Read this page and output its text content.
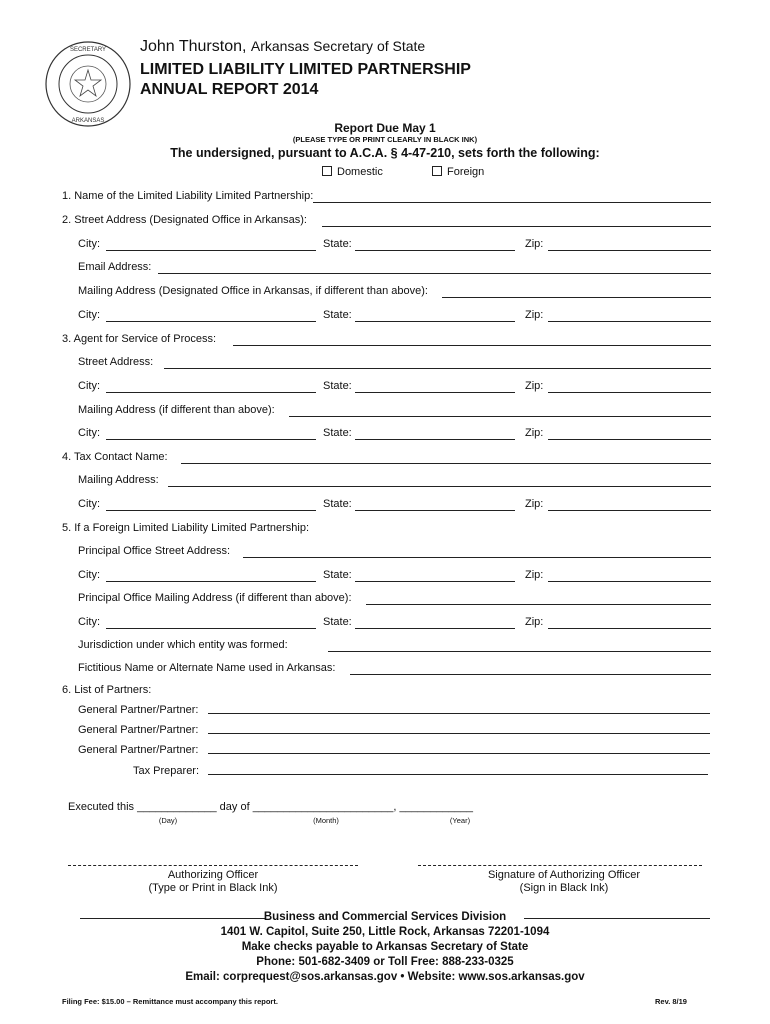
SECRETARY
ARKANSAS
John Thurston, Arkansas Secretary of State
LIMITED LIABILITY LIMITED PARTNERSHIP
ANNUAL REPORT 2014
Report Due May 1
(PLEASE TYPE OR PRINT CLEARLY IN BLACK INK)
The undersigned, pursuant to A.C.A. § 4-47-210, sets forth the following:
Domestic	Foreign
1. Name of the Limited Liability Limited Partnership:
2. Street Address (Designated Office in Arkansas):
City:	State:	Zip:
Email Address:
Mailing Address (Designated Office in Arkansas, if different than above):
City:	State:	Zip:
3. Agent for Service of Process:
Street Address:
City:	State:	Zip:
Mailing Address (if different than above):
City:	State:	Zip:
4. Tax Contact Name:
Mailing Address:
City:	State:	Zip:
5. If a Foreign Limited Liability Limited Partnership:
Principal Office Street Address:
City:	State:	Zip:
Principal Office Mailing Address (if different than above):
City:	State:	Zip:
Jurisdiction under which entity was formed:
Fictitious Name or Alternate Name used in Arkansas:
6. List of Partners:
General Partner/Partner:
General Partner/Partner:
General Partner/Partner:
Tax Preparer:
Executed this _____________ day of _______________________, ____________
(Day)	(Month)	(Year)
Authorizing Officer
(Type or Print in Black Ink)
Signature of Authorizing Officer
(Sign in Black Ink)
Business and Commercial Services Division
1401 W. Capitol, Suite 250, Little Rock, Arkansas 72201-1094
Make checks payable to Arkansas Secretary of State
Phone: 501-682-3409 or Toll Free: 888-233-0325
Email: corprequest@sos.arkansas.gov • Website: www.sos.arkansas.gov
Filing Fee: $15.00 – Remittance must accompany this report.	Rev. 8/19
